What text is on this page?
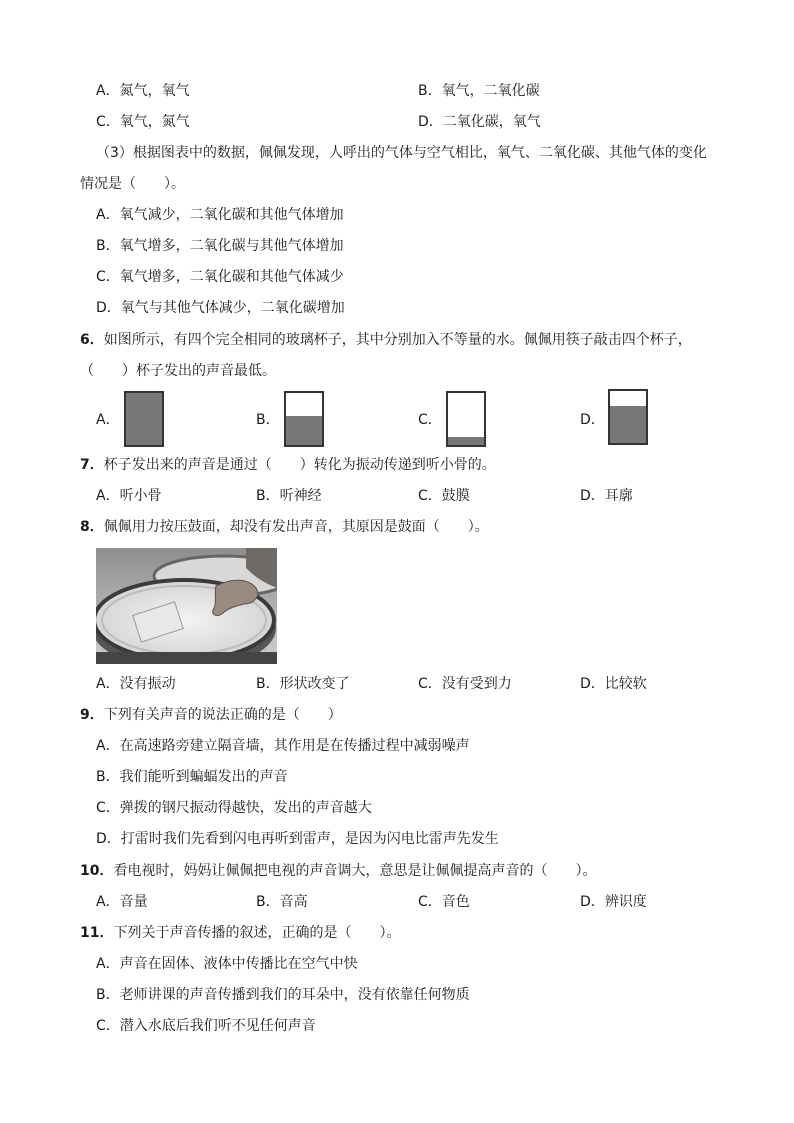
A．氮气，氧气	B．氧气，二氧化碳
C．氧气，氮气	D．二氧化碳，氧气
（3）根据图表中的数据，佩佩发现，人呼出的气体与空气相比，氧气、二氧化碳、其他气体的变化
情况是（　　）。
A．氧气减少，二氧化碳和其他气体增加
B．氧气增多，二氧化碳与其他气体增加
C．氧气增多，二氧化碳和其他气体减少
D．氧气与其他气体减少，二氧化碳增加
6．如图所示，有四个完全相同的玻璃杯子，其中分别加入不等量的水。佩佩用筷子敲击四个杯子，
（　　）杯子发出的声音最低。
A．	B．	C．	D．
7．杯子发出来的声音是通过（　　）转化为振动传递到听小骨的。
A．听小骨	B．听神经	C．鼓膜	D．耳廓
8．佩佩用力按压鼓面，却没有发出声音，其原因是鼓面（　　）。
A．没有振动	B．形状改变了	C．没有受到力	D．比较软
9．下列有关声音的说法正确的是（　　）
A．在高速路旁建立隔音墙，其作用是在传播过程中减弱噪声
B．我们能听到蝙蝠发出的声音
C．弹拨的钢尺振动得越快，发出的声音越大
D．打雷时我们先看到闪电再听到雷声，是因为闪电比雷声先发生
10．看电视时，妈妈让佩佩把电视的声音调大，意思是让佩佩提高声音的（　　）。
A．音量	B．音高	C．音色	D．辨识度
11．下列关于声音传播的叙述，正确的是（　　）。
A．声音在固体、液体中传播比在空气中快
B．老师讲课的声音传播到我们的耳朵中，没有依靠任何物质
C．潜入水底后我们听不见任何声音
